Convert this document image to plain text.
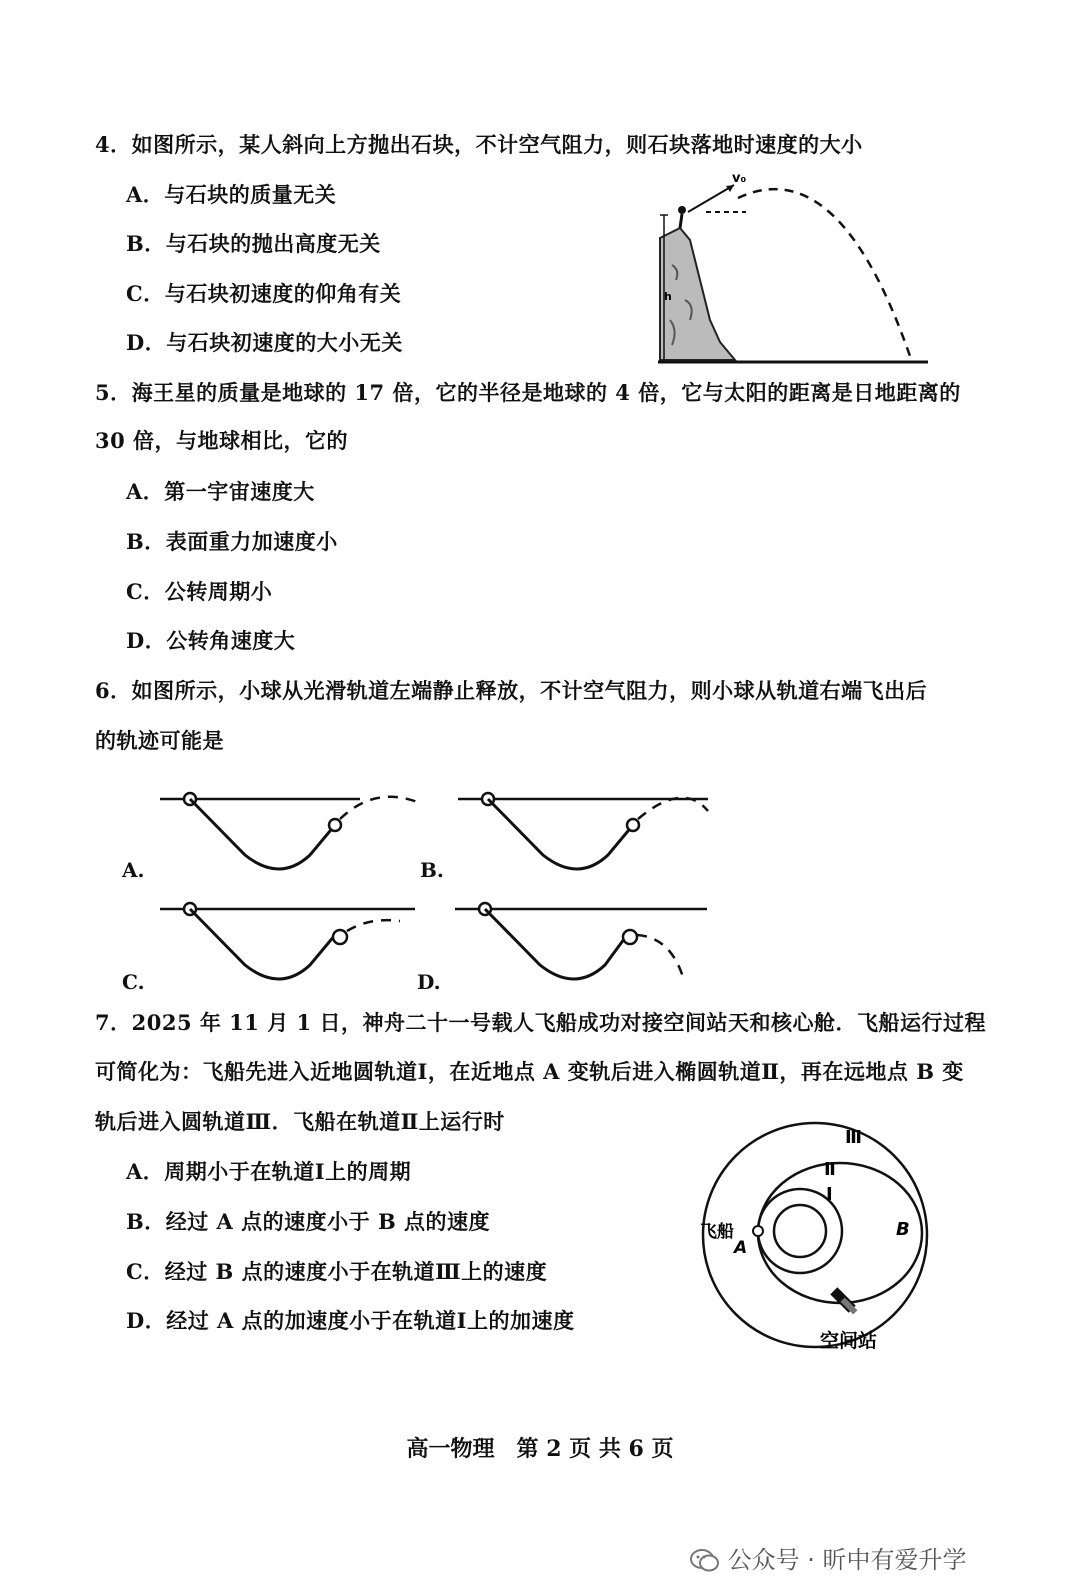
4．如图所示，某人斜向上方抛出石块，不计空气阻力，则石块落地时速度的大小
A．与石块的质量无关
B．与石块的抛出高度无关
C．与石块初速度的仰角有关
D．与石块初速度的大小无关
h
v₀
5．海王星的质量是地球的 17 倍，它的半径是地球的 4 倍，它与太阳的距离是日地距离的
30 倍，与地球相比，它的
A．第一宇宙速度大
B．表面重力加速度小
C．公转周期小
D．公转角速度大
6．如图所示，小球从光滑轨道左端静止释放，不计空气阻力，则小球从轨道右端飞出后
的轨迹可能是
A.	B.
C.	D.
7．2025 年 11 月 1 日，神舟二十一号载人飞船成功对接空间站天和核心舱．飞船运行过程
可简化为：飞船先进入近地圆轨道Ⅰ，在近地点 A 变轨后进入椭圆轨道Ⅱ，再在远地点 B 变
轨后进入圆轨道Ⅲ．飞船在轨道Ⅱ上运行时
A．周期小于在轨道Ⅰ上的周期
B．经过 A 点的速度小于 B 点的速度
C．经过 B 点的速度小于在轨道Ⅲ上的速度
D．经过 A 点的加速度小于在轨道Ⅰ上的加速度
Ⅲ
Ⅱ
Ⅰ
飞船
A
B
空间站
高一物理　第 2 页 共 6 页
公众号 · 昕中有爱升学
